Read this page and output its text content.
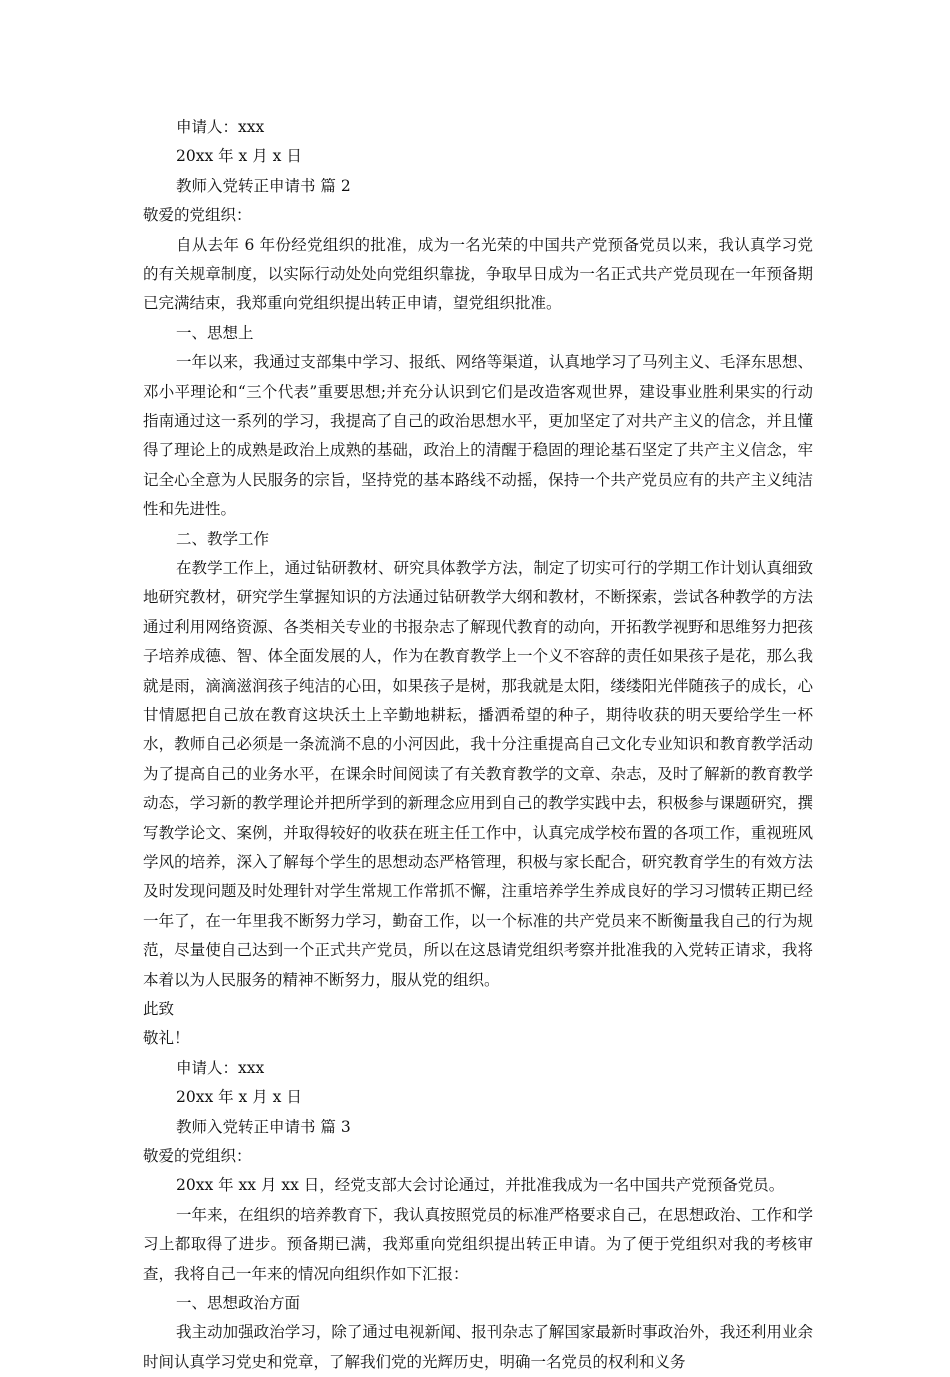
申请人：xxx
20xx 年 x 月 x 日
教师入党转正申请书 篇 2
敬爱的党组织：
自从去年 6 年份经党组织的批准，成为一名光荣的中国共产党预备党员以来，我认真学习党的有关规章制度，以实际行动处处向党组织靠拢，争取早日成为一名正式共产党员现在一年预备期已完满结束，我郑重向党组织提出转正申请，望党组织批准。
一、思想上
一年以来，我通过支部集中学习、报纸、网络等渠道，认真地学习了马列主义、毛泽东思想、邓小平理论和“三个代表”重要思想;并充分认识到它们是改造客观世界，建设事业胜利果实的行动指南通过这一系列的学习，我提高了自己的政治思想水平，更加坚定了对共产主义的信念，并且懂得了理论上的成熟是政治上成熟的基础，政治上的清醒于稳固的理论基石坚定了共产主义信念，牢记全心全意为人民服务的宗旨，坚持党的基本路线不动摇，保持一个共产党员应有的共产主义纯洁性和先进性。
二、教学工作
在教学工作上，通过钻研教材、研究具体教学方法，制定了切实可行的学期工作计划认真细致地研究教材，研究学生掌握知识的方法通过钻研教学大纲和教材，不断探索，尝试各种教学的方法通过利用网络资源、各类相关专业的书报杂志了解现代教育的动向，开拓教学视野和思维努力把孩子培养成德、智、体全面发展的人，作为在教育教学上一个义不容辞的责任如果孩子是花，那么我就是雨，滴滴滋润孩子纯洁的心田，如果孩子是树，那我就是太阳，缕缕阳光伴随孩子的成长，心甘情愿把自己放在教育这块沃土上辛勤地耕耘，播洒希望的种子，期待收获的明天要给学生一杯水，教师自己必须是一条流淌不息的小河因此，我十分注重提高自己文化专业知识和教育教学活动为了提高自己的业务水平，在课余时间阅读了有关教育教学的文章、杂志，及时了解新的教育教学动态，学习新的教学理论并把所学到的新理念应用到自己的教学实践中去，积极参与课题研究，撰写教学论文、案例，并取得较好的收获在班主任工作中，认真完成学校布置的各项工作，重视班风学风的培养，深入了解每个学生的思想动态严格管理，积极与家长配合，研究教育学生的有效方法及时发现问题及时处理针对学生常规工作常抓不懈，注重培养学生养成良好的学习习惯转正期已经一年了，在一年里我不断努力学习，勤奋工作，以一个标准的共产党员来不断衡量我自己的行为规范，尽量使自己达到一个正式共产党员，所以在这恳请党组织考察并批准我的入党转正请求，我将本着以为人民服务的精神不断努力，服从党的组织。
此致
敬礼！
申请人：xxx
20xx 年 x 月 x 日
教师入党转正申请书 篇 3
敬爱的党组织：
20xx 年 xx 月 xx 日，经党支部大会讨论通过，并批准我成为一名中国共产党预备党员。
一年来，在组织的培养教育下，我认真按照党员的标准严格要求自己，在思想政治、工作和学习上都取得了进步。预备期已满，我郑重向党组织提出转正申请。为了便于党组织对我的考核审查，我将自己一年来的情况向组织作如下汇报：
一、思想政治方面
我主动加强政治学习，除了通过电视新闻、报刊杂志了解国家最新时事政治外，我还利用业余时间认真学习党史和党章，了解我们党的光辉历史，明确一名党员的权利和义务
